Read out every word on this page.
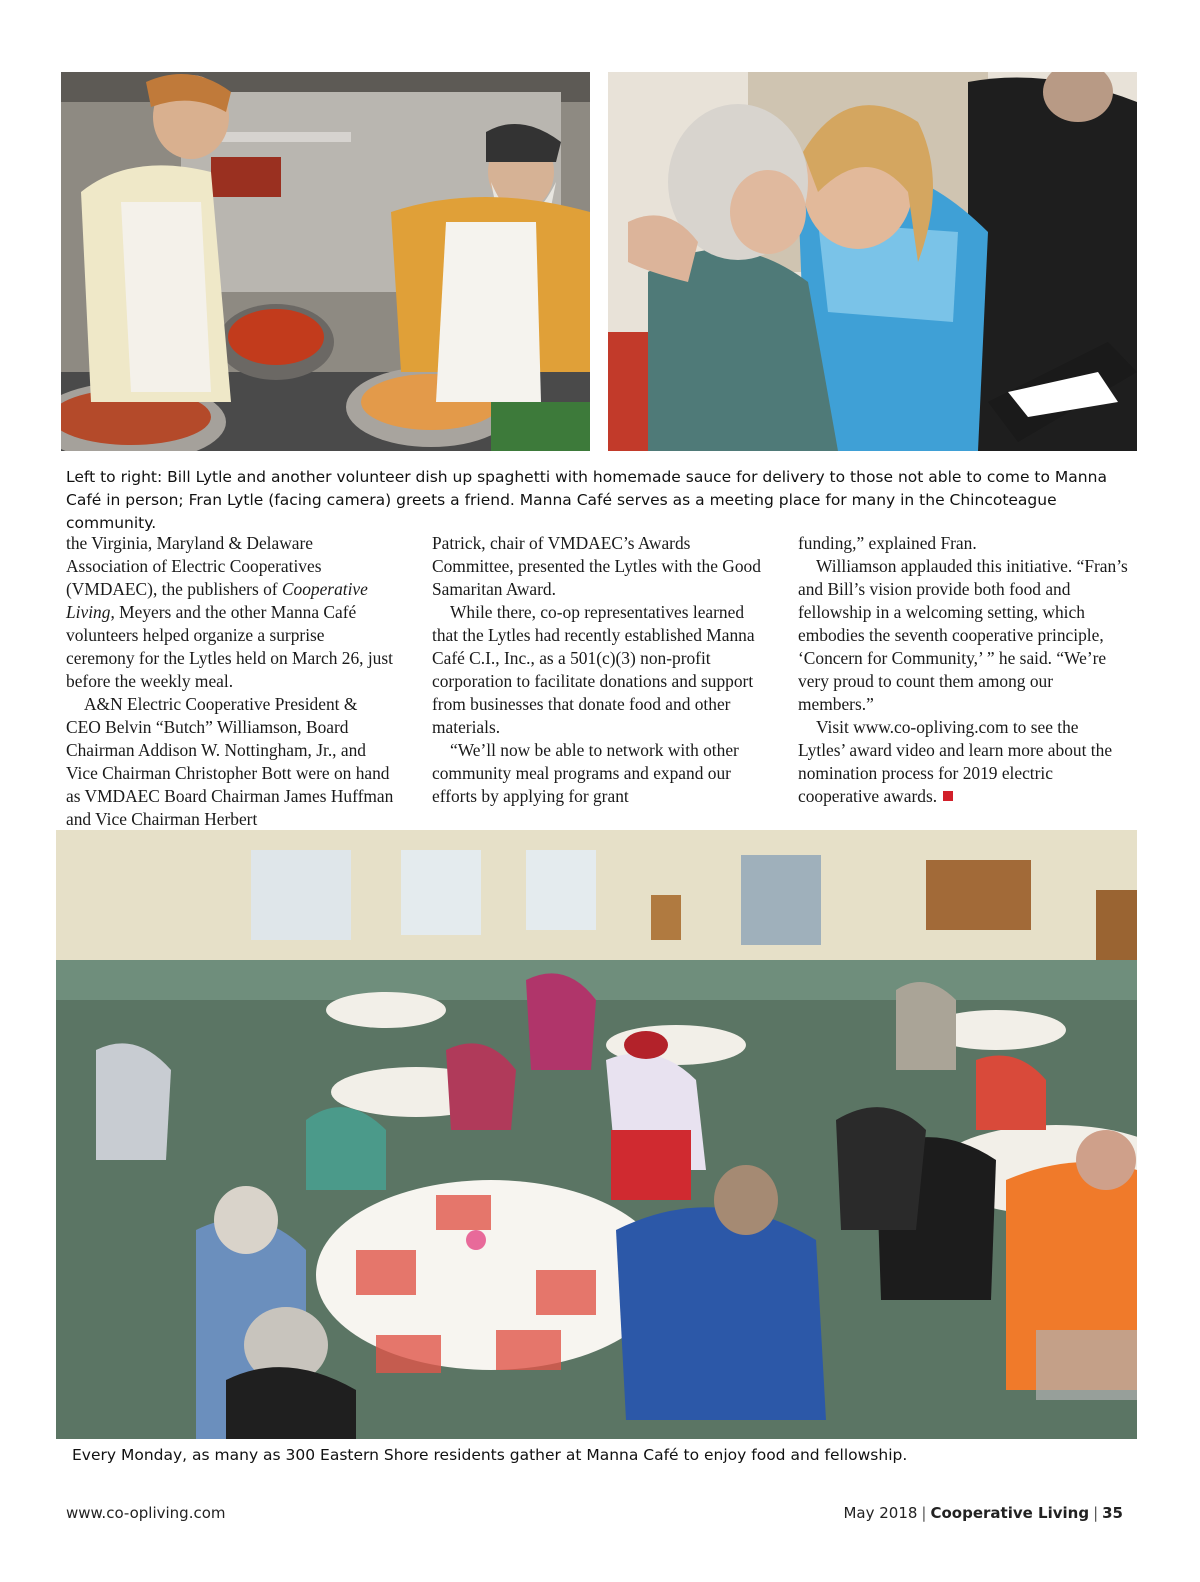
Left to right: Bill Lytle and another volunteer dish up spaghetti with homemade sauce for delivery to those not able to come to Manna Café in person; Fran Lytle (facing camera) greets a friend. Manna Café serves as a meeting place for many in the Chincoteague community.

the Virginia, Maryland & Delaware Association of Electric Cooperatives (VMDAEC), the publishers of Cooperative Living, Meyers and the other Manna Café volunteers helped organize a surprise ceremony for the Lytles held on March 26, just before the weekly meal.

A&N Electric Cooperative President & CEO Belvin “Butch” Williamson, Board Chairman Addison W. Nottingham, Jr., and Vice Chairman Christopher Bott were on hand as VMDAEC Board Chairman James Huffman and Vice Chairman Herbert

Patrick, chair of VMDAEC’s Awards Committee, presented the Lytles with the Good Samaritan Award.

While there, co-op representatives learned that the Lytles had recently established Manna Café C.I., Inc., as a 501(c)(3) non-profit corporation to facilitate donations and support from businesses that donate food and other materials.

“We’ll now be able to network with other community meal programs and expand our efforts by applying for grant

funding,” explained Fran.

Williamson applauded this initiative. “Fran’s and Bill’s vision provide both food and fellowship in a welcoming setting, which embodies the seventh cooperative principle, ‘Concern for Community,’ ” he said. “We’re very proud to count them among our members.”

Visit www.co-opliving.com to see the Lytles’ award video and learn more about the nomination process for 2019 electric cooperative awards.

Every Monday, as many as 300 Eastern Shore residents gather at Manna Café to enjoy food and fellowship.
www.co-opliving.com	May 2018 | Cooperative Living | 35
